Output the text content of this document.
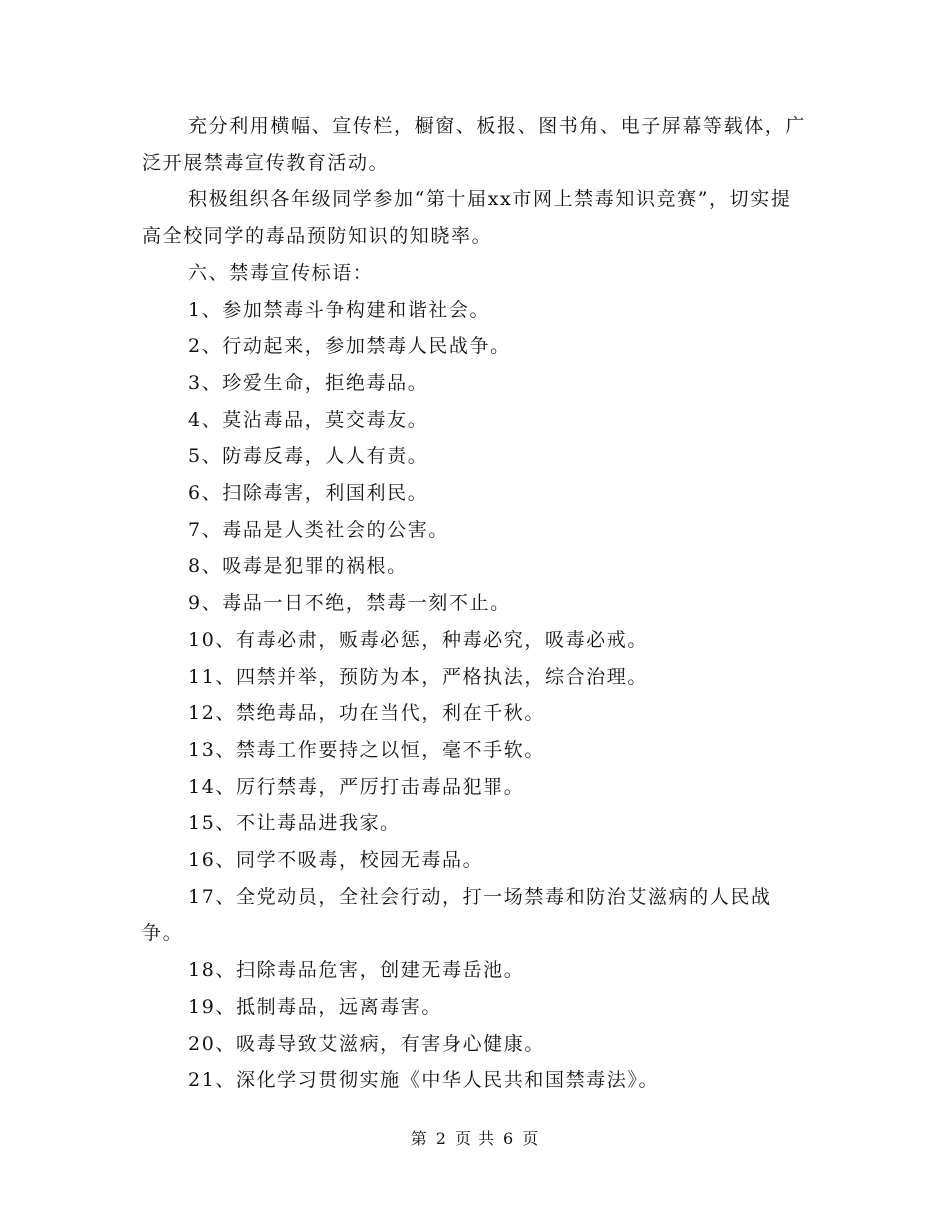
充分利用横幅、宣传栏，橱窗、板报、图书角、电子屏幕等载体，广泛开展禁毒宣传教育活动。

积极组织各年级同学参加“第十届xx市网上禁毒知识竞赛”，切实提高全校同学的毒品预防知识的知晓率。

六、禁毒宣传标语：

1、参加禁毒斗争构建和谐社会。

2、行动起来，参加禁毒人民战争。

3、珍爱生命，拒绝毒品。

4、莫沾毒品，莫交毒友。

5、防毒反毒，人人有责。

6、扫除毒害，利国利民。

7、毒品是人类社会的公害。

8、吸毒是犯罪的祸根。

9、毒品一日不绝，禁毒一刻不止。

10、有毒必肃，贩毒必惩，种毒必究，吸毒必戒。

11、四禁并举，预防为本，严格执法，综合治理。

12、禁绝毒品，功在当代，利在千秋。

13、禁毒工作要持之以恒，毫不手软。

14、厉行禁毒，严厉打击毒品犯罪。

15、不让毒品进我家。

16、同学不吸毒，校园无毒品。

17、全党动员，全社会行动，打一场禁毒和防治艾滋病的人民战争。

18、扫除毒品危害，创建无毒岳池。

19、抵制毒品，远离毒害。

20、吸毒导致艾滋病，有害身心健康。

21、深化学习贯彻实施《中华人民共和国禁毒法》。

第 2 页 共 6 页
